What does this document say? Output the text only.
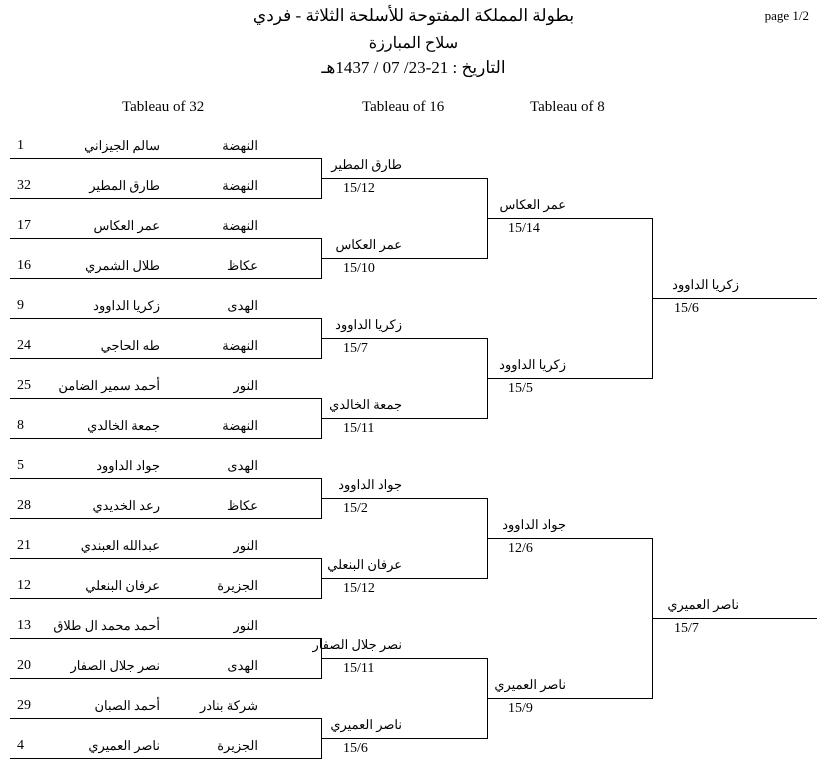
بطولة المملكة المفتوحة للأسلحة الثلاثة - فردي
سلاح المبارزة
التاريخ : 21-23/ 07 / 1437هـ
page 1/2
Tableau of 32	Tableau of 16	Tableau of 8
1	سالم الجيزاني	النهضة
32	طارق المطير	النهضة
17	عمر العكاس	النهضة
16	طلال الشمري	عكاظ
9	زكريا الداوود	الهدى
24	طه الحاجي	النهضة
25	أحمد سمير الضامن	النور
8	جمعة الخالدي	النهضة
5	جواد الداوود	الهدى
28	رعد الخديدي	عكاظ
21	عبدالله العبندي	النور
12	عرفان البنعلي	الجزيرة
13	أحمد محمد ال طلاق	النور
20	نصر جلال الصفار	الهدى
29	أحمد الصبان	شركة بنادر
4	ناصر العميري	الجزيرة
طارق المطير
15/12
عمر العكاس
15/10
زكريا الداوود
15/7
جمعة الخالدي
15/11
جواد الداوود
15/2
عرفان البنعلي
15/12
نصر جلال الصفار
15/11
ناصر العميري
15/6
عمر العكاس
15/14
زكريا الداوود
15/5
جواد الداوود
12/6
ناصر العميري
15/9
زكريا الداوود
15/6
ناصر العميري
15/7
